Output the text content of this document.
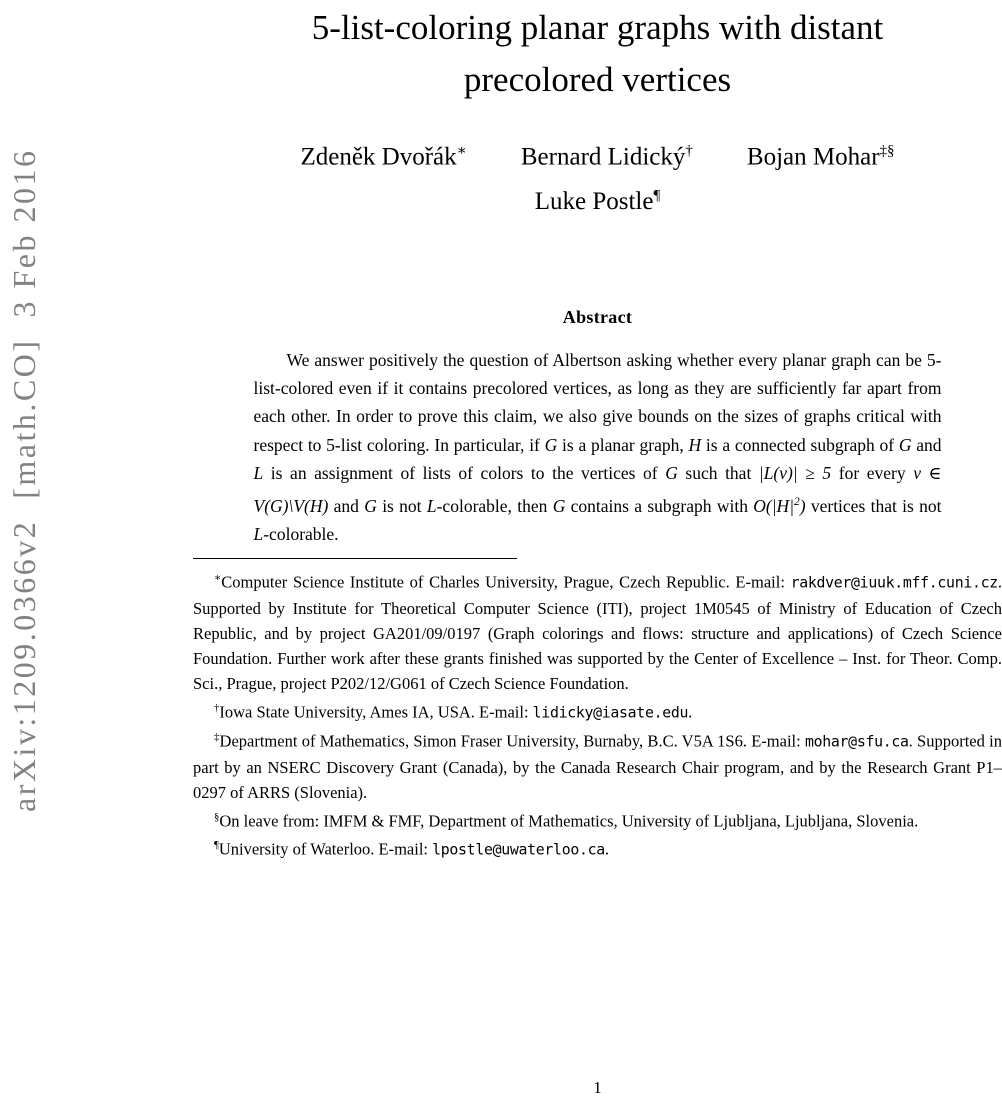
arXiv:1209.0366v2  [math.CO]  3 Feb 2016
5-list-coloring planar graphs with distant
precolored vertices
Zdeněk Dvořák∗ Bernard Lidický† Bojan Mohar‡§
Luke Postle¶
Abstract

We answer positively the question of Albertson asking whether every planar graph can be 5-list-colored even if it contains precolored vertices, as long as they are sufficiently far apart from each other. In order to prove this claim, we also give bounds on the sizes of graphs critical with respect to 5-list coloring. In particular, if G is a planar graph, H is a connected subgraph of G and L is an assignment of lists of colors to the vertices of G such that |L(v)| ≥ 5 for every v ∈ V(G)\V(H) and G is not L-colorable, then G contains a subgraph with $O(|H|^2)$ vertices that is not L-colorable.

∗Computer Science Institute of Charles University, Prague, Czech Republic. E-mail: rakdver@iuuk.mff.cuni.cz. Supported by Institute for Theoretical Computer Science (ITI), project 1M0545 of Ministry of Education of Czech Republic, and by project GA201/09/0197 (Graph colorings and flows: structure and applications) of Czech Science Foundation. Further work after these grants finished was supported by the Center of Excellence – Inst. for Theor. Comp. Sci., Prague, project P202/12/G061 of Czech Science Foundation.

†Iowa State University, Ames IA, USA. E-mail: lidicky@iasate.edu.

‡Department of Mathematics, Simon Fraser University, Burnaby, B.C. V5A 1S6. E-mail: mohar@sfu.ca. Supported in part by an NSERC Discovery Grant (Canada), by the Canada Research Chair program, and by the Research Grant P1–0297 of ARRS (Slovenia).

§On leave from: IMFM & FMF, Department of Mathematics, University of Ljubljana, Ljubljana, Slovenia.

¶University of Waterloo. E-mail: lpostle@uwaterloo.ca.

1
